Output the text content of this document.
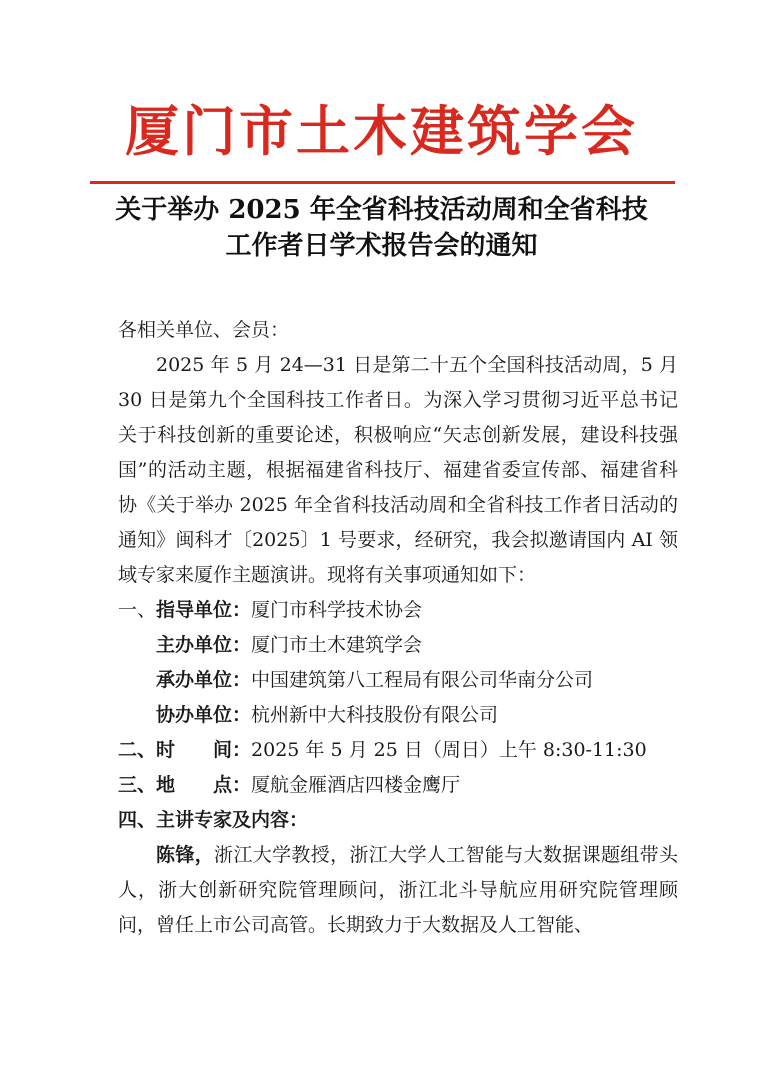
厦门市土木建筑学会
关于举办 2025 年全省科技活动周和全省科技
工作者日学术报告会的通知

各相关单位、会员：

2025 年 5 月 24—31 日是第二十五个全国科技活动周，5 月 30 日是第九个全国科技工作者日。为深入学习贯彻习近平总书记关于科技创新的重要论述，积极响应“矢志创新发展，建设科技强国”的活动主题，根据福建省科技厅、福建省委宣传部、福建省科协《关于举办 2025 年全省科技活动周和全省科技工作者日活动的通知》闽科才〔2025〕1 号要求，经研究，我会拟邀请国内 AI 领域专家来厦作主题演讲。现将有关事项通知如下：

一、指导单位：厦门市科学技术协会

主办单位：厦门市土木建筑学会

承办单位：中国建筑第八工程局有限公司华南分公司

协办单位：杭州新中大科技股份有限公司

二、时　　间：2025 年 5 月 25 日（周日）上午 8:30-11:30

三、地　　点：厦航金雁酒店四楼金鹰厅

四、主讲专家及内容：

陈锋，浙江大学教授，浙江大学人工智能与大数据课题组带头人，浙大创新研究院管理顾问，浙江北斗导航应用研究院管理顾问，曾任上市公司高管。长期致力于大数据及人工智能、
